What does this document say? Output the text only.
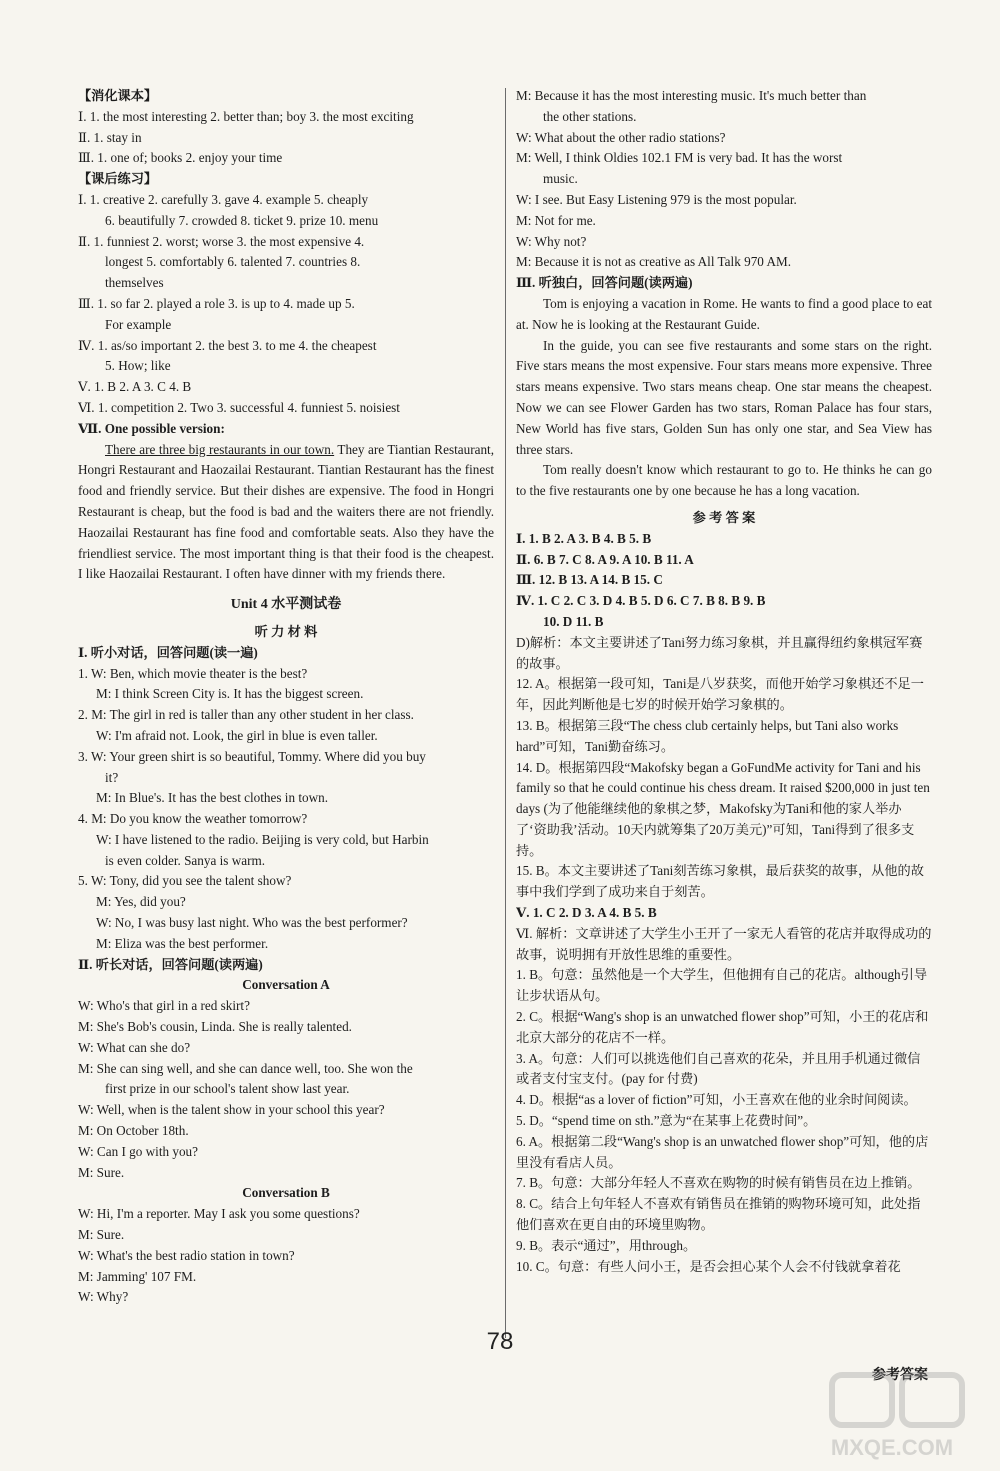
【消化课本】
Ⅰ. 1. the most interesting 2. better than; boy 3. the most exciting
Ⅱ. 1. stay in
Ⅲ. 1. one of; books 2. enjoy your time
【课后练习】
Ⅰ. 1. creative 2. carefully 3. gave 4. example 5. cheaply
6. beautifully 7. crowded 8. ticket 9. prize 10. menu
Ⅱ. 1. funniest 2. worst; worse 3. the most expensive 4.
longest 5. comfortably 6. talented 7. countries 8.
themselves
Ⅲ. 1. so far 2. played a role 3. is up to 4. made up 5.
For example
Ⅳ. 1. as/so important 2. the best 3. to me 4. the cheapest
5. How; like
Ⅴ. 1. B 2. A 3. C 4. B
Ⅵ. 1. competition 2. Two 3. successful 4. funniest 5. noisiest
Ⅶ. One possible version:
There are three big restaurants in our town. They are Tiantian Restaurant, Hongri Restaurant and Haozailai Restaurant. Tiantian Restaurant has the finest food and friendly service. But their dishes are expensive. The food in Hongri Restaurant is cheap, but the food is bad and the waiters there are not friendly. Haozailai Restaurant has fine food and comfortable seats. Also they have the friendliest service. The most important thing is that their food is the cheapest. I like Haozailai Restaurant. I often have dinner with my friends there.
Unit 4 水平测试卷
听 力 材 料
Ⅰ. 听小对话，回答问题(读一遍)
1. W: Ben, which movie theater is the best?
M: I think Screen City is. It has the biggest screen.
2. M: The girl in red is taller than any other student in her class.
W: I'm afraid not. Look, the girl in blue is even taller.
3. W: Your green shirt is so beautiful, Tommy. Where did you buy
it?
M: In Blue's. It has the best clothes in town.
4. M: Do you know the weather tomorrow?
W: I have listened to the radio. Beijing is very cold, but Harbin
is even colder. Sanya is warm.
5. W: Tony, did you see the talent show?
M: Yes, did you?
W: No, I was busy last night. Who was the best performer?
M: Eliza was the best performer.
Ⅱ. 听长对话，回答问题(读两遍)
Conversation A
W: Who's that girl in a red skirt?
M: She's Bob's cousin, Linda. She is really talented.
W: What can she do?
M: She can sing well, and she can dance well, too. She won the
first prize in our school's talent show last year.
W: Well, when is the talent show in your school this year?
M: On October 18th.
W: Can I go with you?
M: Sure.
Conversation B
W: Hi, I'm a reporter. May I ask you some questions?
M: Sure.
W: What's the best radio station in town?
M: Jamming' 107 FM.
W: Why?
M: Because it has the most interesting music. It's much better than
the other stations.
W: What about the other radio stations?
M: Well, I think Oldies 102.1 FM is very bad. It has the worst
music.
W: I see. But Easy Listening 979 is the most popular.
M: Not for me.
W: Why not?
M: Because it is not as creative as All Talk 970 AM.
Ⅲ. 听独白，回答问题(读两遍)
Tom is enjoying a vacation in Rome. He wants to find a good place to eat at. Now he is looking at the Restaurant Guide.
In the guide, you can see five restaurants and some stars on the right. Five stars means the most expensive. Four stars means more expensive. Three stars means expensive. Two stars means cheap. One star means the cheapest. Now we can see Flower Garden has two stars, Roman Palace has four stars, New World has five stars, Golden Sun has only one star, and Sea View has three stars.
Tom really doesn't know which restaurant to go to. He thinks he can go to the five restaurants one by one because he has a long vacation.
参 考 答 案
Ⅰ. 1. B 2. A 3. B 4. B 5. B
Ⅱ. 6. B 7. C 8. A 9. A 10. B 11. A
Ⅲ. 12. B 13. A 14. B 15. C
Ⅳ. 1. C 2. C 3. D 4. B 5. D 6. C 7. B 8. B 9. B
10. D 11. B
D)解析：本文主要讲述了Tani努力练习象棋，并且赢得纽约象棋冠军赛的故事。
12. A。根据第一段可知，Tani是八岁获奖，而他开始学习象棋还不足一年，因此判断他是七岁的时候开始学习象棋的。
13. B。根据第三段“The chess club certainly helps, but Tani also works hard”可知，Tani勤奋练习。
14. D。根据第四段“Makofsky began a GoFundMe activity for Tani and his family so that he could continue his chess dream. It raised $200,000 in just ten days (为了他能继续他的象棋之梦，Makofsky为Tani和他的家人举办了‘资助我’活动。10天内就筹集了20万美元)”可知，Tani得到了很多支持。
15. B。本文主要讲述了Tani刻苦练习象棋，最后获奖的故事，从他的故事中我们学到了成功来自于刻苦。
Ⅴ. 1. C 2. D 3. A 4. B 5. B
Ⅵ. 解析：文章讲述了大学生小王开了一家无人看管的花店并取得成功的故事，说明拥有开放性思维的重要性。
1. B。句意：虽然他是一个大学生，但他拥有自己的花店。although引导让步状语从句。
2. C。根据“Wang's shop is an unwatched flower shop”可知，小王的花店和北京大部分的花店不一样。
3. A。句意：人们可以挑选他们自己喜欢的花朵，并且用手机通过微信或者支付宝支付。(pay for 付费)
4. D。根据“as a lover of fiction”可知，小王喜欢在他的业余时间阅读。
5. D。“spend time on sth.”意为“在某事上花费时间”。
6. A。根据第二段“Wang's shop is an unwatched flower shop”可知，他的店里没有看店人员。
7. B。句意：大部分年轻人不喜欢在购物的时候有销售员在边上推销。
8. C。结合上句年轻人不喜欢有销售员在推销的购物环境可知，此处指他们喜欢在更自由的环境里购物。
9. B。表示“通过”，用through。
10. C。句意：有些人问小王，是否会担心某个人会不付钱就拿着花
78
参考答案
MXQE.COM
